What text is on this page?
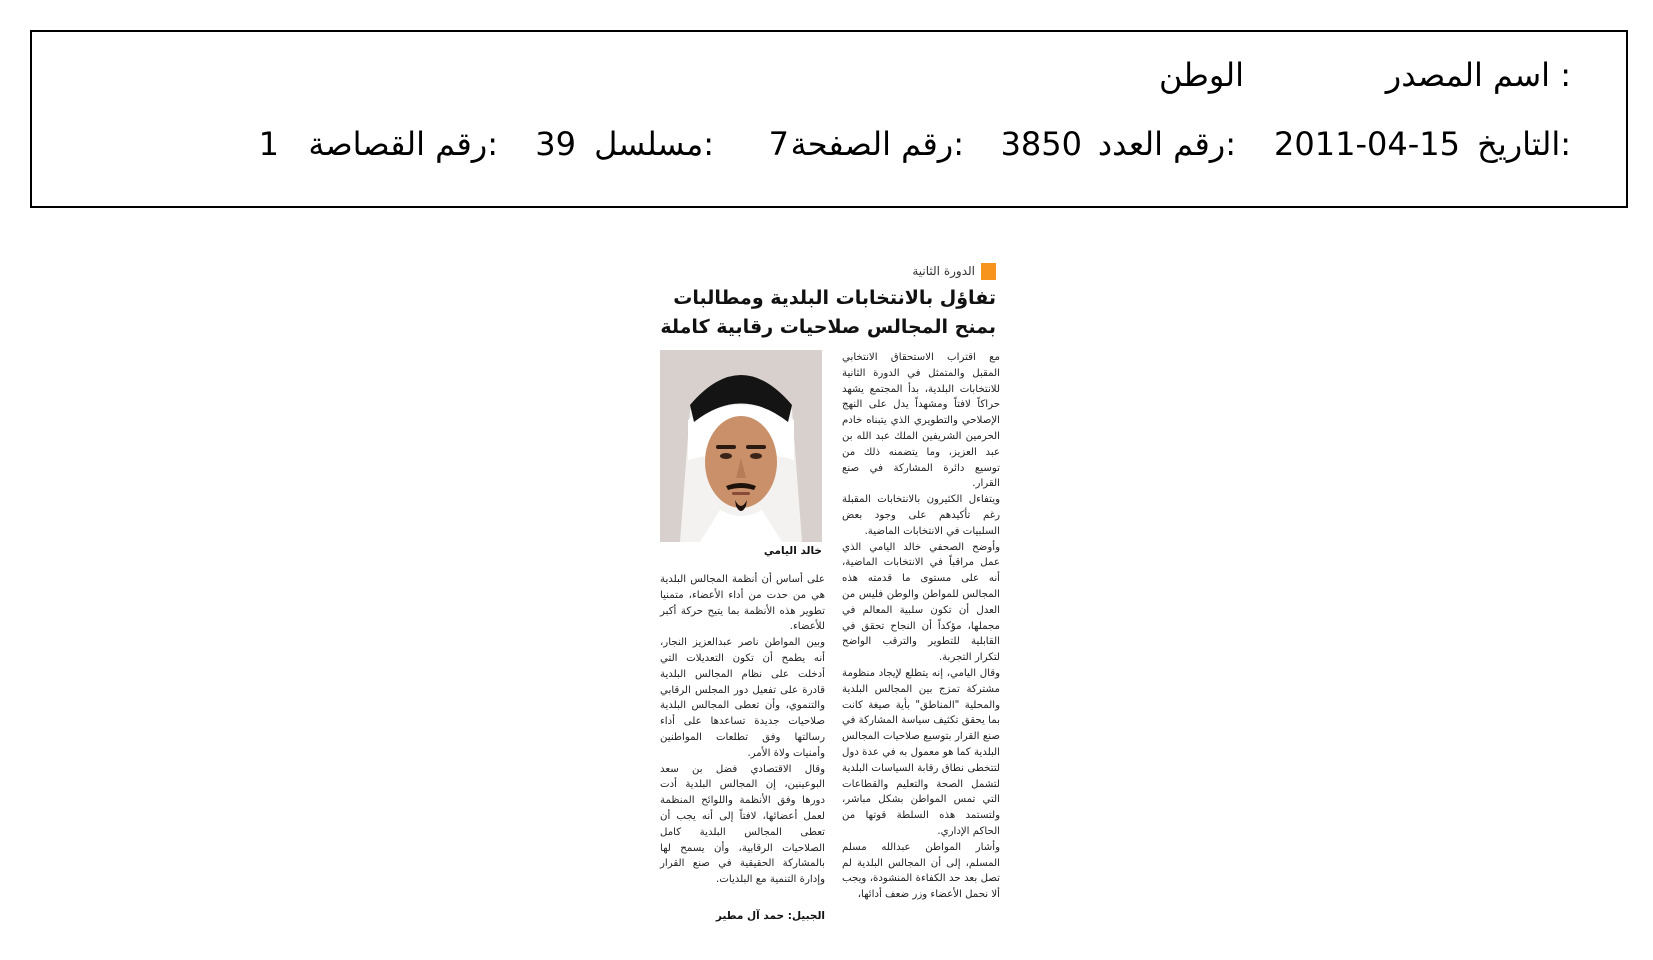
اسم المصدر :
الوطن
التاريخ:
2011-04-15
رقم العدد:
3850
رقم الصفحة:
7
مسلسل:
39
رقم القصاصة:
1
الدورة الثانية
تفاؤل بالانتخابات البلدية ومطالبات بمنح المجالس صلاحيات رقابية كاملة

مع اقتراب الاستحقاق الانتخابي المقبل والمتمثل في الدورة الثانية للانتخابات البلدية، بدأ المجتمع يشهد حراكاً لافتاً ومشهداً يدل على النهج الإصلاحي والتطويري الذي يتبناه خادم الحرمين الشريفين الملك عبد الله بن عبد العزيز، وما يتضمنه ذلك من توسيع دائرة المشاركة في صنع القرار.

ويتفاءل الكثيرون بالانتخابات المقبلة رغم تأكيدهم على وجود بعض السلبيات في الانتخابات الماضية.

وأوضح الصحفي خالد اليامي الذي عمل مراقباً في الانتخابات الماضية، أنه على مستوى ما قدمته هذه المجالس للمواطن والوطن فليس من العدل أن تكون سلبية المعالم في مجملها، مؤكداً أن النجاح تحقق في القابلية للتطوير والترقب الواضح لتكرار التجربة.

وقال اليامي، إنه يتطلع لإيجاد منظومة مشتركة تمزج بين المجالس البلدية والمحلية "المناطق" بأية صيغة كانت بما يحقق تكثيف سياسة المشاركة في صنع القرار بتوسيع صلاحيات المجالس البلدية كما هو معمول به في عدة دول لتتخطى نطاق رقابة السياسات البلدية لتشمل الصحة والتعليم والقطاعات التي تمس المواطن بشكل مباشر، ولتستمد هذه السلطة قوتها من الحاكم الإداري.

وأشار المواطن عبدالله مسلم المسلم، إلى أن المجالس البلدية لم تصل بعد حد الكفاءة المنشودة، ويجب ألا نحمل الأعضاء وزر ضعف أدائها،

خالد اليامي

على أساس أن أنظمة المجالس البلدية هي من حدت من أداء الأعضاء، متمنيا تطوير هذه الأنظمة بما يتيح حركة أكبر للأعضاء.

وبين المواطن ناصر عبدالعزيز النجار، أنه يطمح أن تكون التعديلات التي أدخلت على نظام المجالس البلدية قادرة على تفعيل دور المجلس الرقابي والتنموي، وأن تعطى المجالس البلدية صلاحيات جديدة تساعدها على أداء رسالتها وفق تطلعات المواطنين وأمنيات ولاة الأمر.

وقال الاقتصادي فضل بن سعد البوعينين، إن المجالس البلدية أدت دورها وفق الأنظمة واللوائح المنظمة لعمل أعضائها، لافتاً إلى أنه يجب أن تعطى المجالس البلدية كامل الصلاحيات الرقابية، وأن يسمح لها بالمشاركة الحقيقية في صنع القرار وإدارة التنمية مع البلديات.

الجبيل: حمد آل مطير
